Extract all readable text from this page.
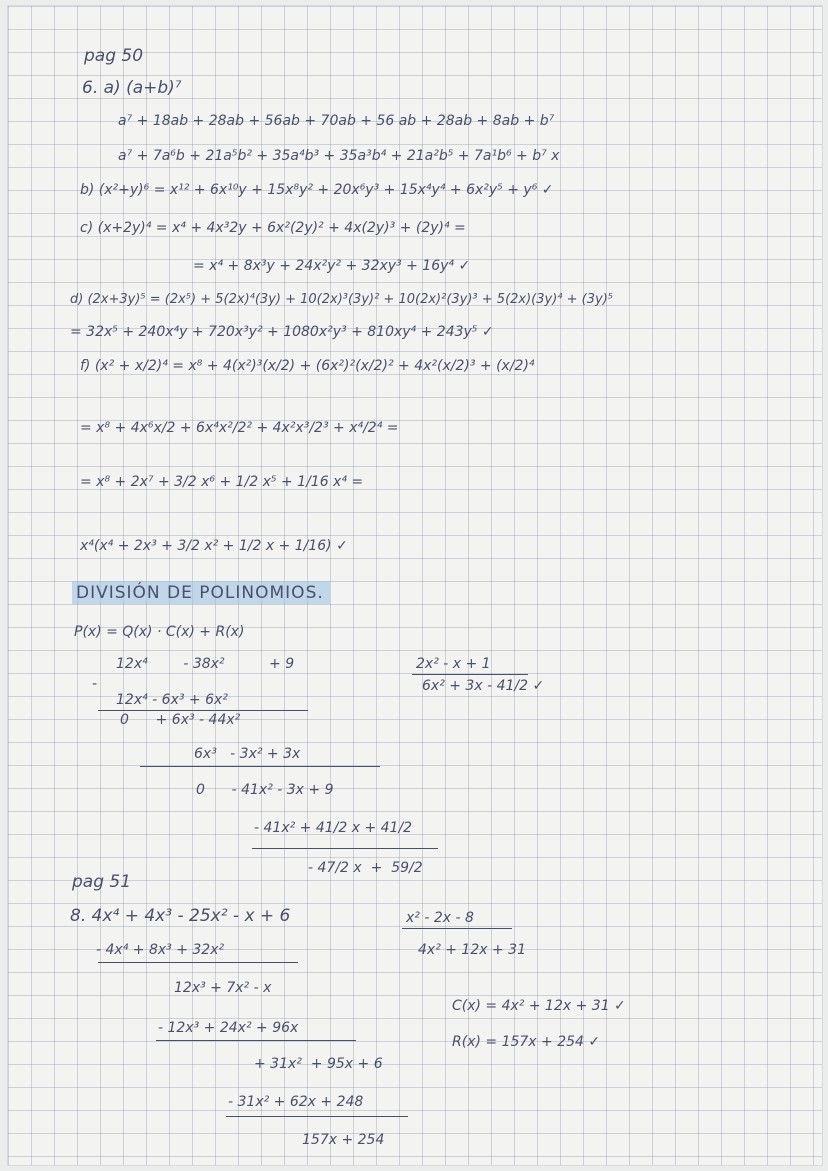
pag 50
6. a) (a+b)⁷
a⁷ + 18ab + 28ab + 56ab + 70ab + 56 ab + 28ab + 8ab + b⁷
a⁷ + 7a⁶b + 21a⁵b² + 35a⁴b³ + 35a³b⁴ + 21a²b⁵ + 7a¹b⁶ + b⁷ x
b) (x²+y)⁶ = x¹² + 6x¹⁰y + 15x⁸y² + 20x⁶y³ + 15x⁴y⁴ + 6x²y⁵ + y⁶ ✓
c) (x+2y)⁴ = x⁴ + 4x³2y + 6x²(2y)² + 4x(2y)³ + (2y)⁴ =
= x⁴ + 8x³y + 24x²y² + 32xy³ + 16y⁴ ✓
d) (2x+3y)⁵ = (2x⁵) + 5(2x)⁴(3y) + 10(2x)³(3y)² + 10(2x)²(3y)³ + 5(2x)(3y)⁴ + (3y)⁵
= 32x⁵ + 240x⁴y + 720x³y² + 1080x²y³ + 810xy⁴ + 243y⁵ ✓
f) (x² + x/2)⁴ = x⁸ + 4(x²)³(x/2) + (6x²)²(x/2)² + 4x²(x/2)³ + (x/2)⁴
= x⁸ + 4x⁶x/2 + 6x⁴x²/2² + 4x²x³/2³ + x⁴/2⁴ =
= x⁸ + 2x⁷ + 3/2 x⁶ + 1/2 x⁵ + 1/16 x⁴ =
x⁴(x⁴ + 2x³ + 3/2 x² + 1/2 x + 1/16) ✓
DIVISIÓN DE POLINOMIOS.
P(x) = Q(x) · C(x) + R(x)
12x⁴        - 38x²          + 9
-
2x² - x + 1
6x² + 3x - 41/2 ✓
12x⁴ - 6x³ + 6x²
0      + 6x³ - 44x²
6x³   - 3x² + 3x
0      - 41x² - 3x + 9
- 41x² + 41/2 x + 41/2
- 47/2 x  +  59/2
pag 51
8. 4x⁴ + 4x³ - 25x² - x + 6	x² - 2x - 8
4x² + 12x + 31
- 4x⁴ + 8x³ + 32x²
12x³ + 7x² - x
- 12x³ + 24x² + 96x
+ 31x²  + 95x + 6
- 31x² + 62x + 248
157x + 254
C(x) = 4x² + 12x + 31 ✓
R(x) = 157x + 254 ✓
